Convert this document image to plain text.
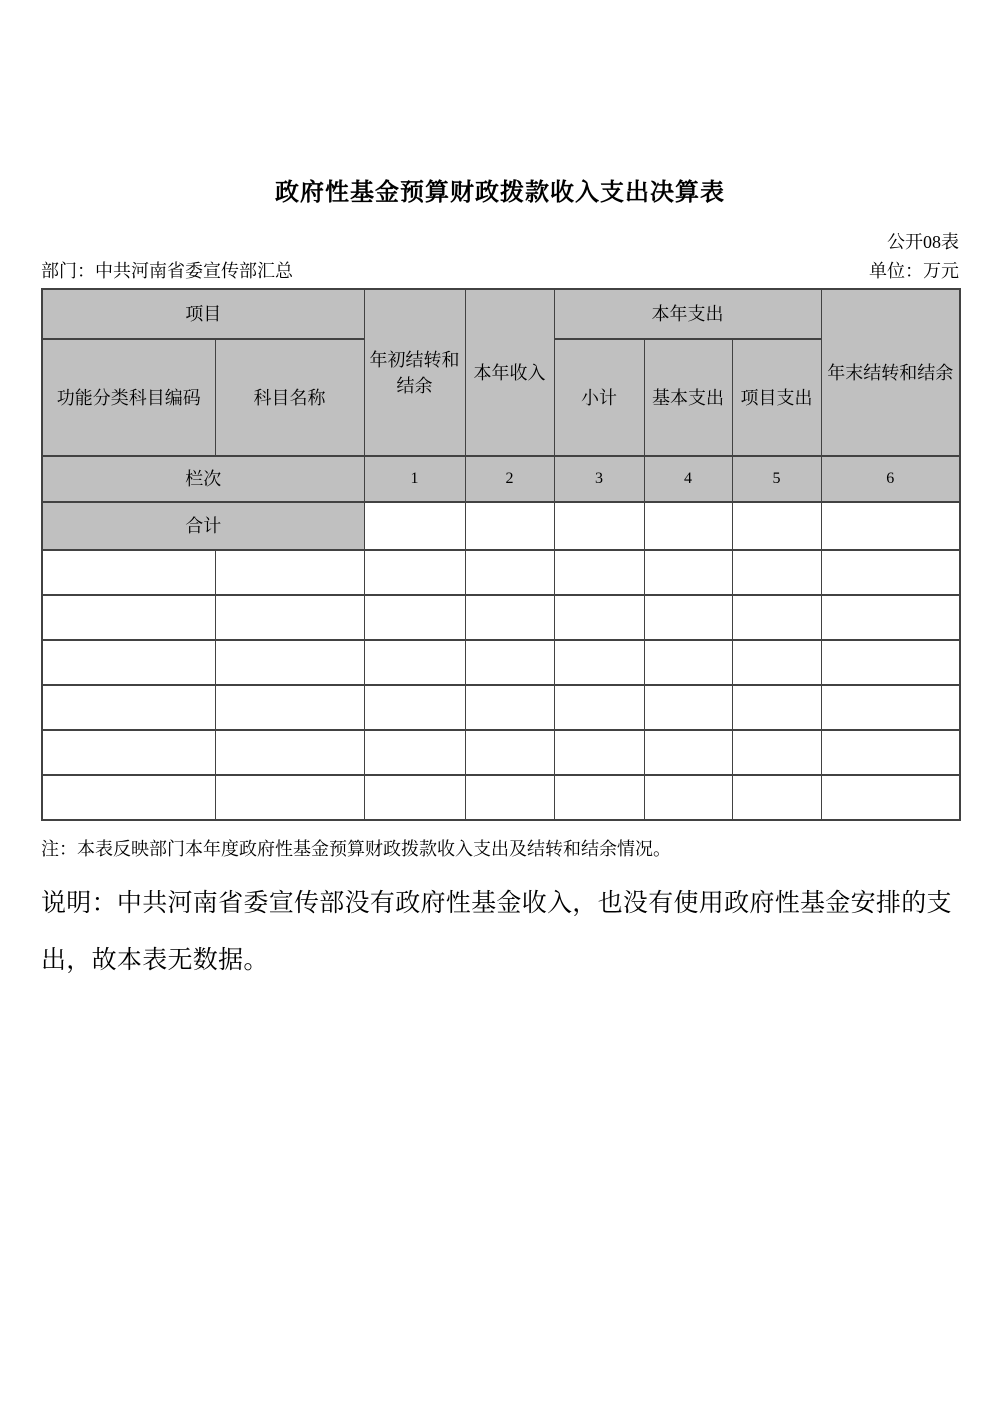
政府性基金预算财政拨款收入支出决算表
公开08表
部门：中共河南省委宣传部汇总	单位：万元
项目		年初结转和结余	本年收入	本年支出			年末结转和结余
功能分类科目编码	科目名称			小计	基本支出	项目支出	
栏次		1	2	3	4	5	6
合计							

注：本表反映部门本年度政府性基金预算财政拨款收入支出及结转和结余情况。

说明：中共河南省委宣传部没有政府性基金收入，也没有使用政府性基金安排的支出，故本表无数据。
